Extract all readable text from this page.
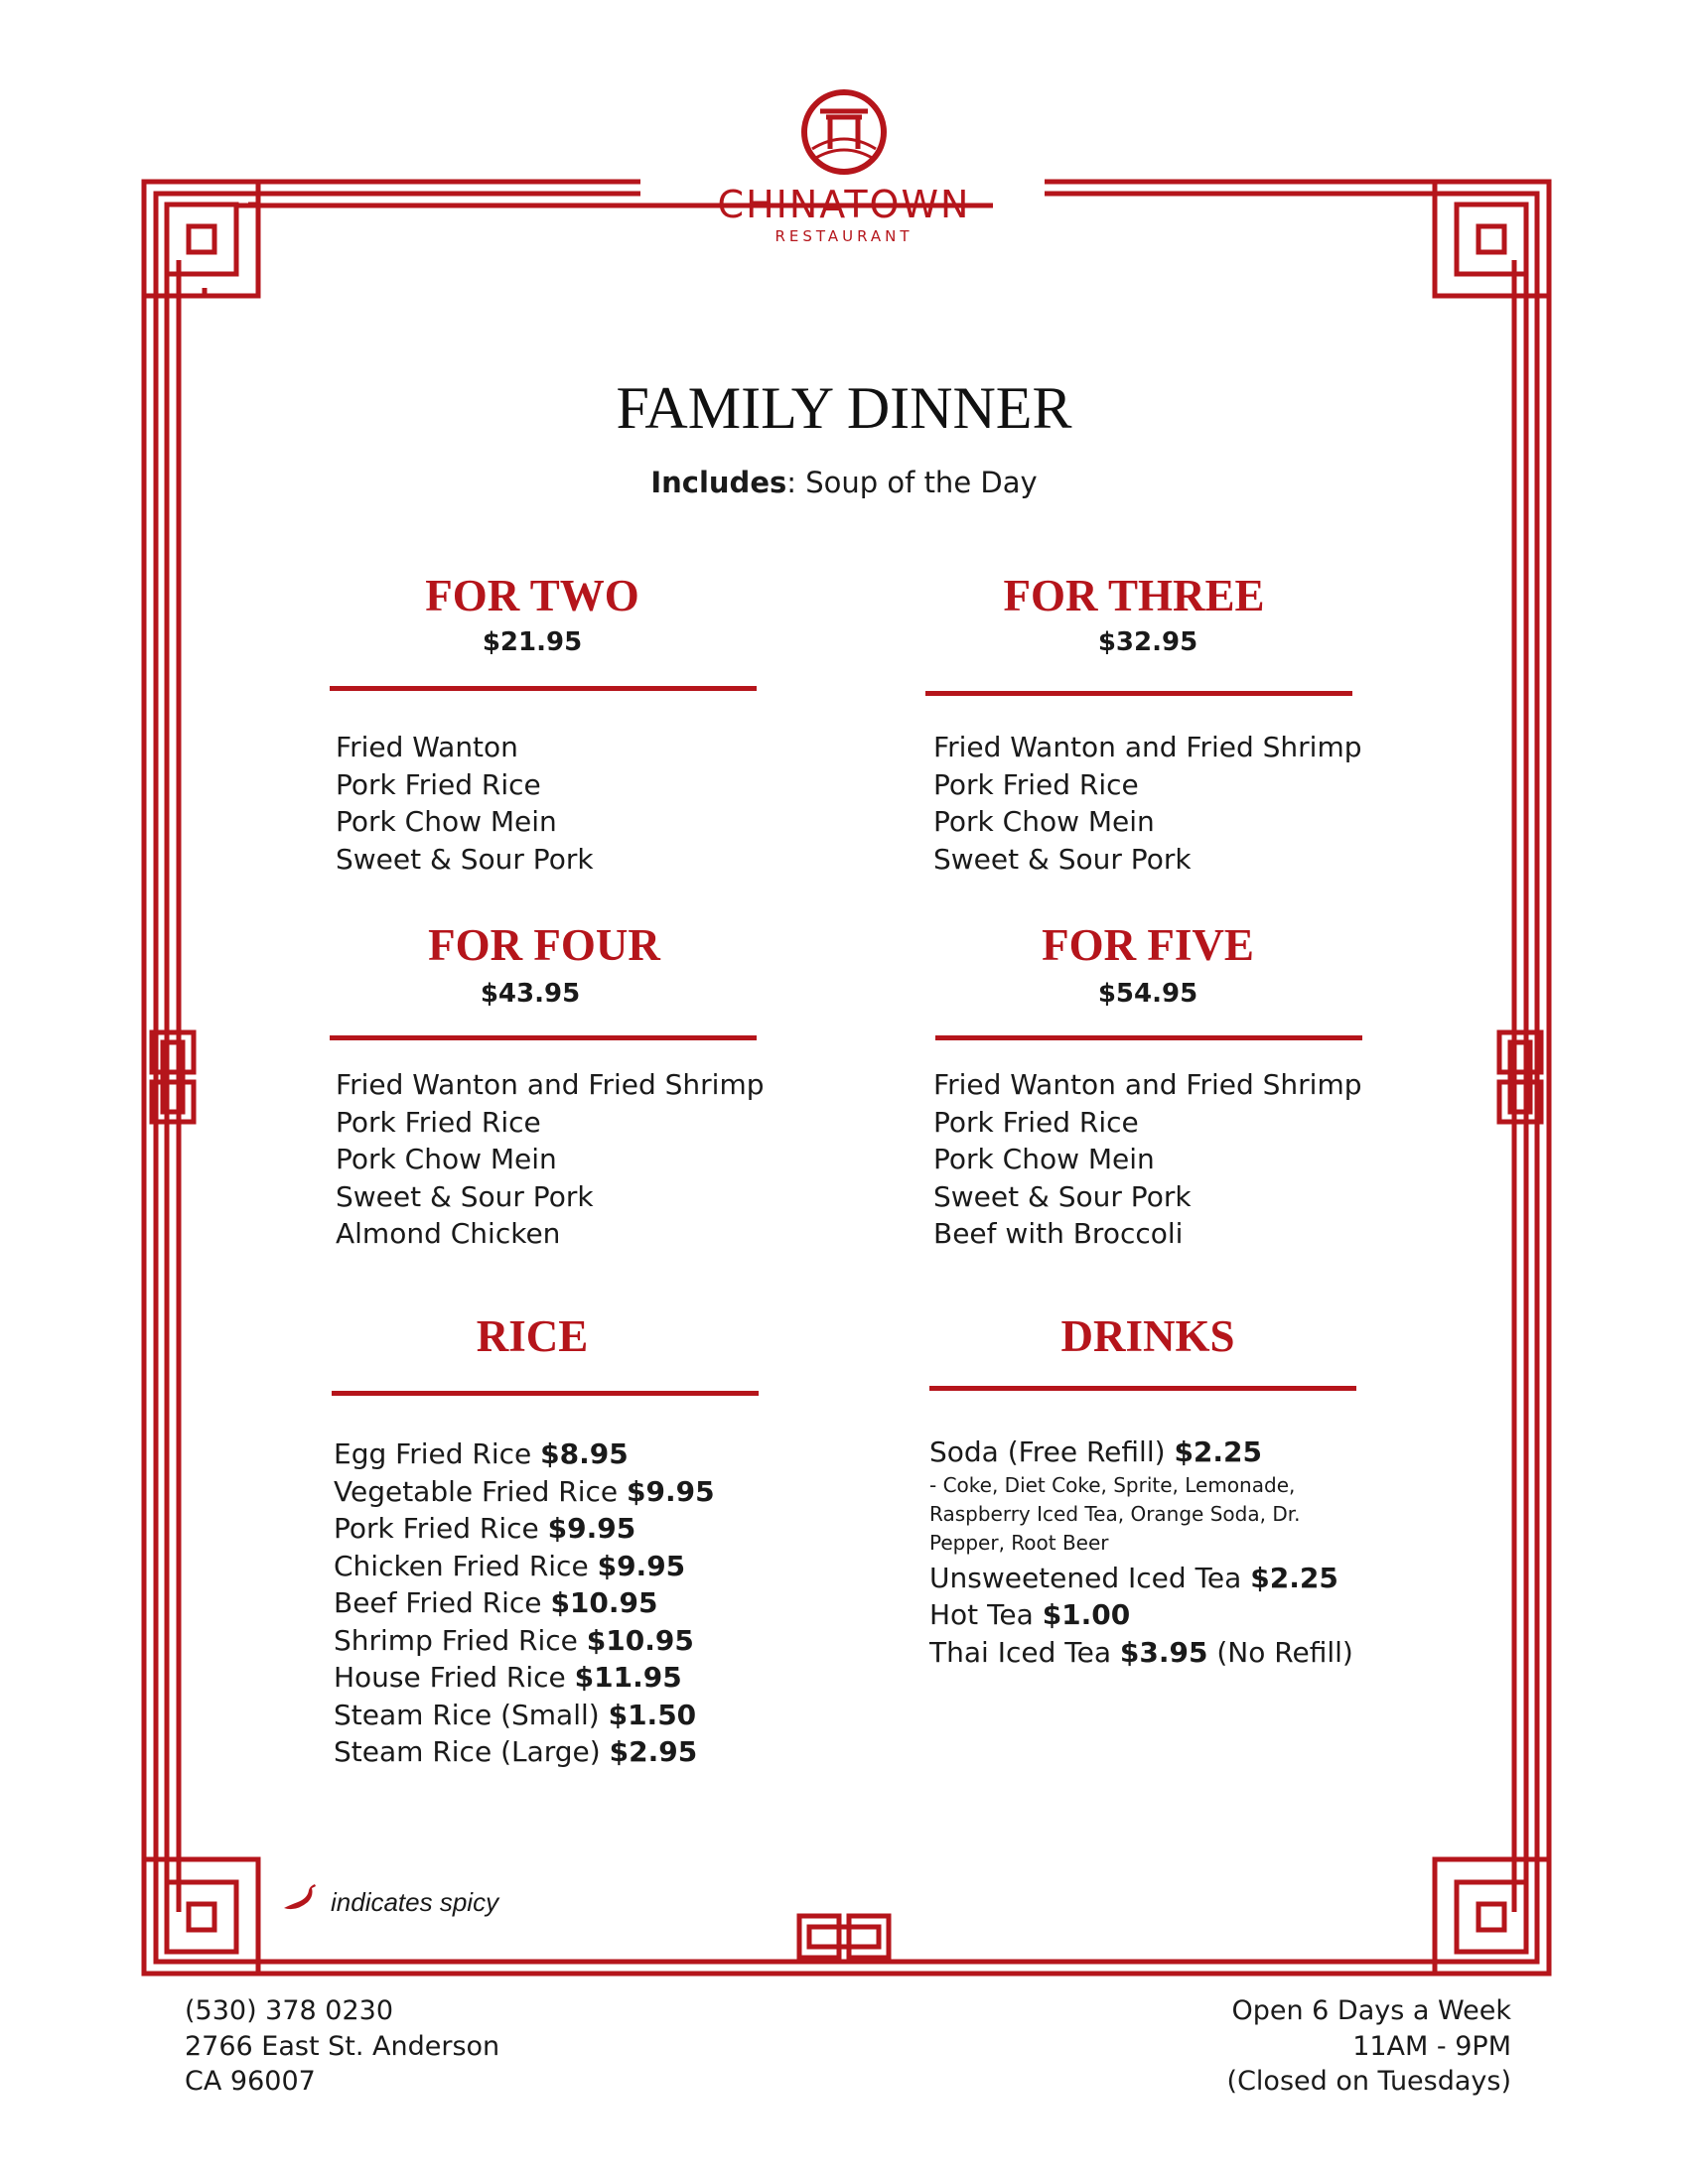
CHINATOWN
RESTAURANT
FAMILY DINNER
Includes: Soup of the Day
FOR TWO
$21.95
Fried Wanton
Pork Fried Rice
Pork Chow Mein
Sweet & Sour Pork
FOR THREE
$32.95
Fried Wanton and Fried Shrimp
Pork Fried Rice
Pork Chow Mein
Sweet & Sour Pork
FOR FOUR
$43.95
Fried Wanton and Fried Shrimp
Pork Fried Rice
Pork Chow Mein
Sweet & Sour Pork
Almond Chicken
FOR FIVE
$54.95
Fried Wanton and Fried Shrimp
Pork Fried Rice
Pork Chow Mein
Sweet & Sour Pork
Beef with Broccoli
RICE
Egg Fried Rice $8.95
Vegetable Fried Rice $9.95
Pork Fried Rice $9.95
Chicken Fried Rice $9.95
Beef Fried Rice $10.95
Shrimp Fried Rice $10.95
House Fried Rice $11.95
Steam Rice (Small) $1.50
Steam Rice (Large) $2.95
DRINKS
Soda (Free Refill) $2.25
- Coke, Diet Coke, Sprite, Lemonade,
Raspberry Iced Tea, Orange Soda, Dr.
Pepper, Root Beer
Unsweetened Iced Tea $2.25
Hot Tea $1.00
Thai Iced Tea $3.95 (No Refill)
indicates spicy
(530) 378 0230
2766 East St. Anderson
CA 96007
Open 6 Days a Week
11AM - 9PM
(Closed on Tuesdays)
